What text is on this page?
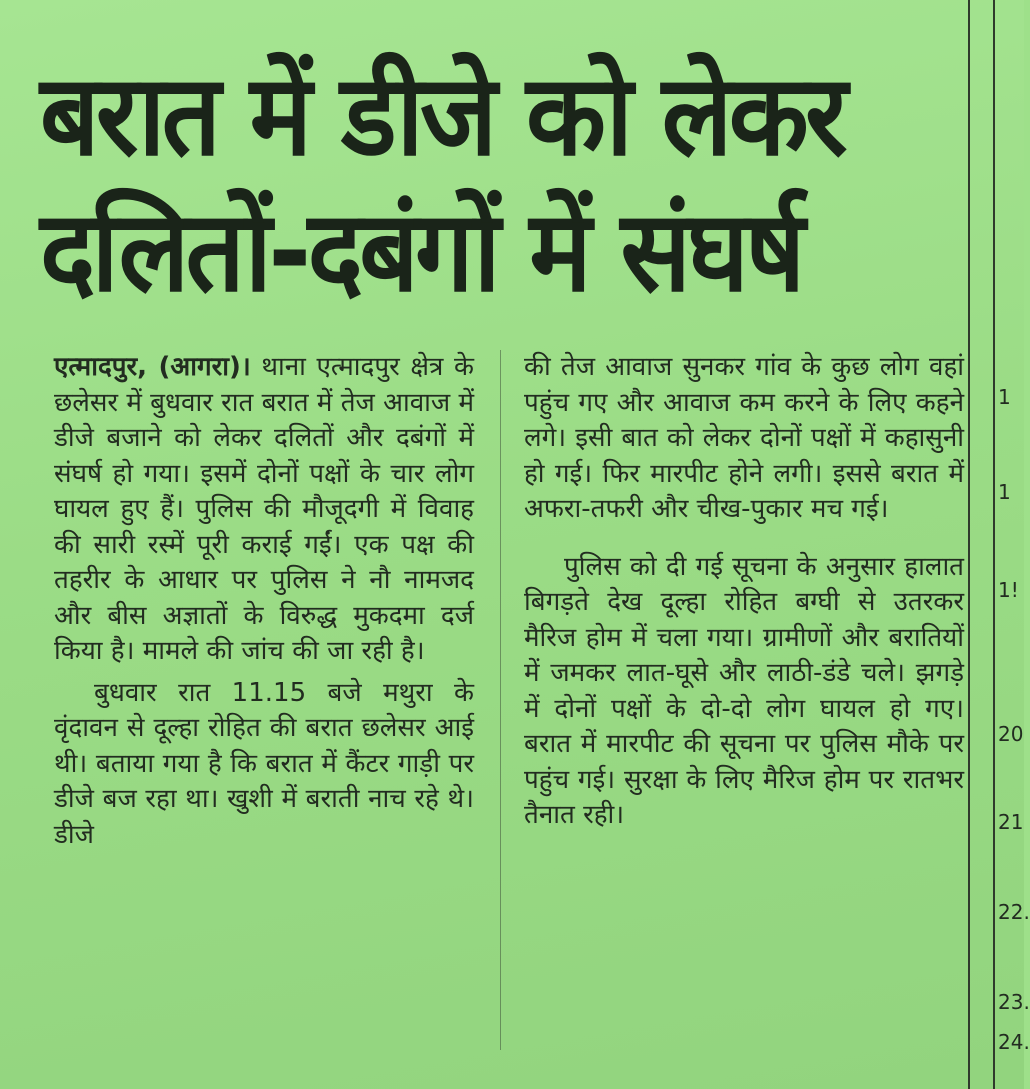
बरात में डीजे को लेकर
दलितों-दबंगों में संघर्ष

एत्मादपुर, (आगरा)। थाना एत्मादपुर क्षेत्र के छलेसर में बुधवार रात बरात में तेज आवाज में डीजे बजाने को लेकर दलितों और दबंगों में संघर्ष हो गया। इसमें दोनों पक्षों के चार लोग घायल हुए हैं। पुलिस की मौजूदगी में विवाह की सारी रस्में पूरी कराई गईं। एक पक्ष की तहरीर के आधार पर पुलिस ने नौ नामजद और बीस अज्ञातों के विरुद्ध मुकदमा दर्ज किया है। मामले की जांच की जा रही है।

बुधवार रात 11.15 बजे मथुरा के वृंदावन से दूल्हा रोहित की बरात छलेसर आई थी। बताया गया है कि बरात में कैंटर गाड़ी पर डीजे बज रहा था। खुशी में बराती नाच रहे थे। डीजे

की तेज आवाज सुनकर गांव के कुछ लोग वहां पहुंच गए और आवाज कम करने के लिए कहने लगे। इसी बात को लेकर दोनों पक्षों में कहासुनी हो गई। फिर मारपीट होने लगी। इससे बरात में अफरा-तफरी और चीख-पुकार मच गई।

पुलिस को दी गई सूचना के अनुसार हालात बिगड़ते देख दूल्हा रोहित बग्घी से उतरकर मैरिज होम में चला गया। ग्रामीणों और बरातियों में जमकर लात-घूसे और लाठी-डंडे चले। झगड़े में दोनों पक्षों के दो-दो लोग घायल हो गए। बरात में मारपीट की सूचना पर पुलिस मौके पर पहुंच गई। सुरक्षा के लिए मैरिज होम पर रातभर तैनात रही।

1
1
1!
20
21
22.
23.
24.
